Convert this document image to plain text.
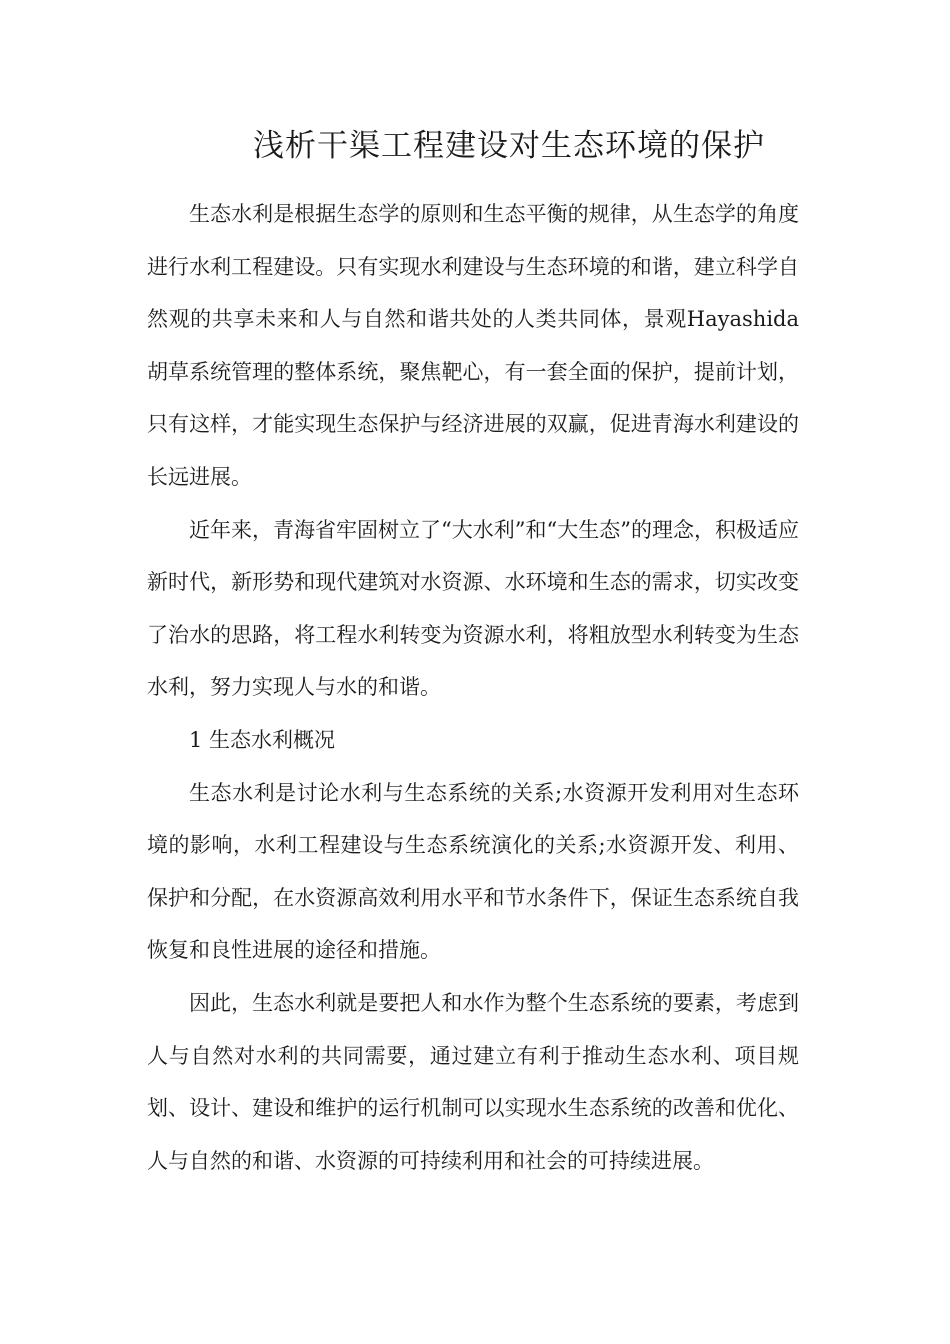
浅析干渠工程建设对生态环境的保护

生态水利是根据生态学的原则和生态平衡的规律，从生态学的角度进行水利工程建设。只有实现水利建设与生态环境的和谐，建立科学自然观的共享未来和人与自然和谐共处的人类共同体，景观Hayashida胡草系统管理的整体系统，聚焦靶心，有一套全面的保护，提前计划，只有这样，才能实现生态保护与经济进展的双赢，促进青海水利建设的长远进展。

近年来，青海省牢固树立了“大水利”和“大生态”的理念，积极适应新时代，新形势和现代建筑对水资源、水环境和生态的需求，切实改变了治水的思路，将工程水利转变为资源水利，将粗放型水利转变为生态水利，努力实现人与水的和谐。

1 生态水利概况

生态水利是讨论水利与生态系统的关系;水资源开发利用对生态环境的影响，水利工程建设与生态系统演化的关系;水资源开发、利用、保护和分配，在水资源高效利用水平和节水条件下，保证生态系统自我恢复和良性进展的途径和措施。

因此，生态水利就是要把人和水作为整个生态系统的要素，考虑到人与自然对水利的共同需要，通过建立有利于推动生态水利、项目规划、设计、建设和维护的运行机制可以实现水生态系统的改善和优化、人与自然的和谐、水资源的可持续利用和社会的可持续进展。
